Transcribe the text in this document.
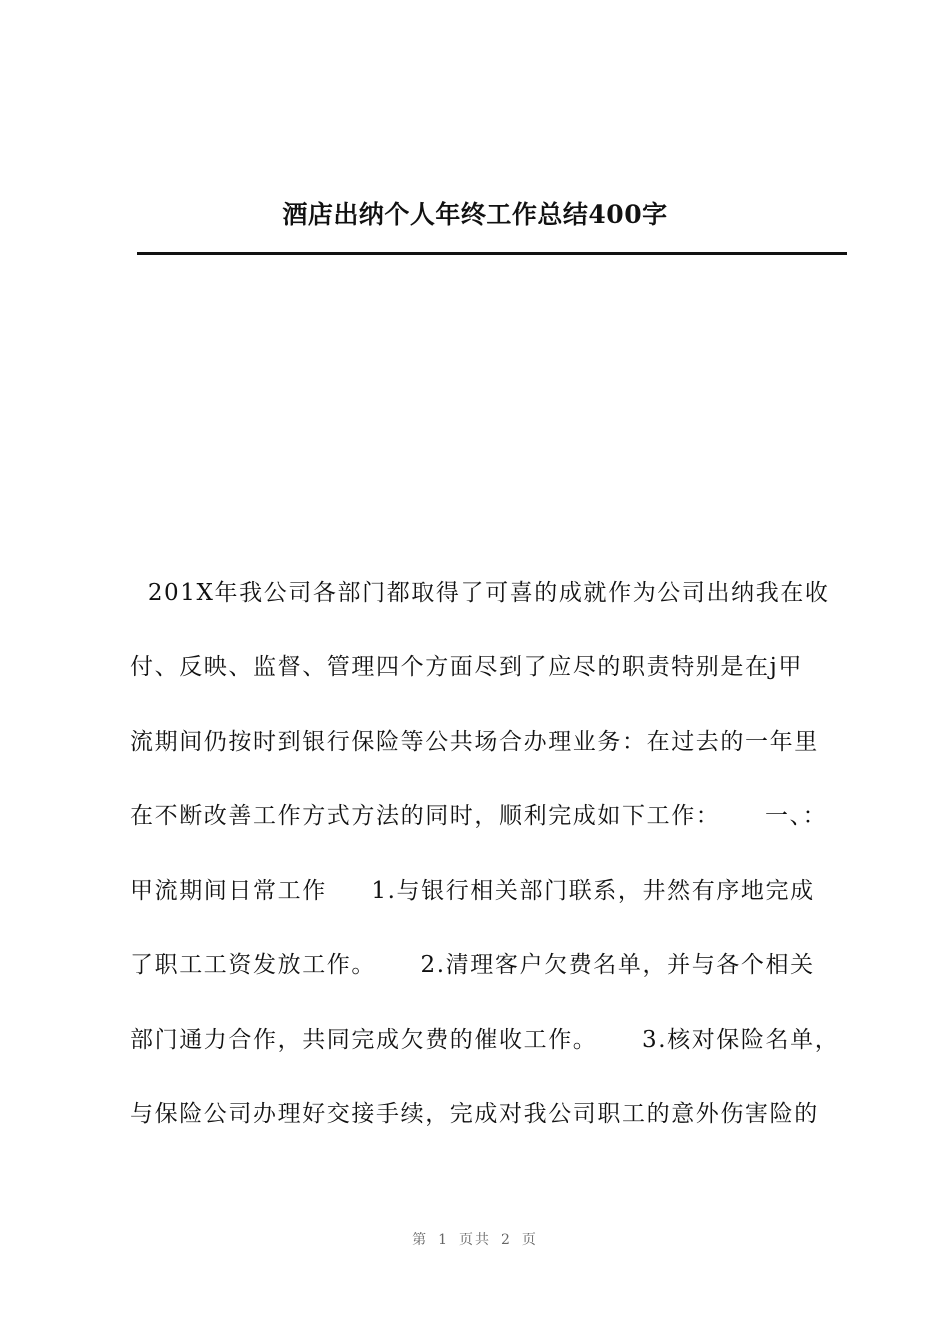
酒店出纳个人年终工作总结400字

201X年我公司各部门都取得了可喜的成就作为公司出纳我在收

付、反映、监督、管理四个方面尽到了应尽的职责特别是在j甲

流期间仍按时到银行保险等公共场合办理业务：在过去的一年里

在不断改善工作方式方法的同时，顺利完成如下工作：     一、：

甲流期间日常工作     1.与银行相关部门联系，井然有序地完成

了职工工资发放工作。     2.清理客户欠费名单，并与各个相关

部门通力合作，共同完成欠费的催收工作。     3.核对保险名单，

与保险公司办理好交接手续，完成对我公司职工的意外伤害险的

第 1 页共 2 页
